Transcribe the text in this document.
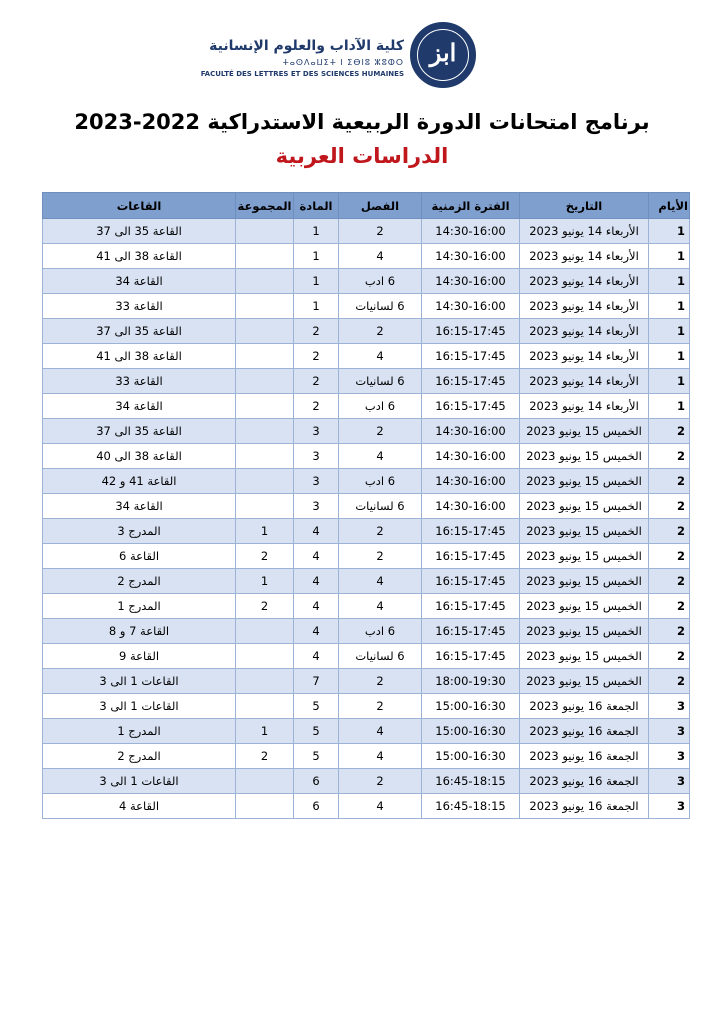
ابز
كلية الآداب والعلوم الإنسانية
ⵜⴰⵙⴷⴰⵡⵉⵜ ⵏ ⵉⴱⵏⵓ ⵣⵓⵀⵔ
FACULTÉ DES LETTRES ET DES SCIENCES HUMAINES
برنامج امتحانات الدورة الربيعية الاستدراكية 2022-2023
الدراسات العربية
الأيام	التاريخ	الفترة الزمنية	الفصل	المادة	المجموعة	القاعات
1	الأربعاء 14 يونيو 2023	14:30-16:00	2	1		القاعة 35 الى 37
1	الأربعاء 14 يونيو 2023	14:30-16:00	4	1		القاعة 38 الى 41
1	الأربعاء 14 يونيو 2023	14:30-16:00	6 ادب	1		القاعة 34
1	الأربعاء 14 يونيو 2023	14:30-16:00	6 لسانيات	1		القاعة 33
1	الأربعاء 14 يونيو 2023	16:15-17:45	2	2		القاعة 35 الى 37
1	الأربعاء 14 يونيو 2023	16:15-17:45	4	2		القاعة 38 الى 41
1	الأربعاء 14 يونيو 2023	16:15-17:45	6 لسانيات	2		القاعة 33
1	الأربعاء 14 يونيو 2023	16:15-17:45	6 ادب	2		القاعة 34
2	الخميس 15 يونيو 2023	14:30-16:00	2	3		القاعة 35 الى 37
2	الخميس 15 يونيو 2023	14:30-16:00	4	3		القاعة 38 الى 40
2	الخميس 15 يونيو 2023	14:30-16:00	6 ادب	3		القاعة 41 و 42
2	الخميس 15 يونيو 2023	14:30-16:00	6 لسانيات	3		القاعة 34
2	الخميس 15 يونيو 2023	16:15-17:45	2	4	1	المدرج 3
2	الخميس 15 يونيو 2023	16:15-17:45	2	4	2	القاعة 6
2	الخميس 15 يونيو 2023	16:15-17:45	4	4	1	المدرج 2
2	الخميس 15 يونيو 2023	16:15-17:45	4	4	2	المدرج 1
2	الخميس 15 يونيو 2023	16:15-17:45	6 ادب	4		القاعة 7 و 8
2	الخميس 15 يونيو 2023	16:15-17:45	6 لسانيات	4		القاعة 9
2	الخميس 15 يونيو 2023	18:00-19:30	2	7		القاعات 1 الى 3
3	الجمعة 16 يونيو 2023	15:00-16:30	2	5		القاعات 1 الى 3
3	الجمعة 16 يونيو 2023	15:00-16:30	4	5	1	المدرج 1
3	الجمعة 16 يونيو 2023	15:00-16:30	4	5	2	المدرج 2
3	الجمعة 16 يونيو 2023	16:45-18:15	2	6		القاعات 1 الى 3
3	الجمعة 16 يونيو 2023	16:45-18:15	4	6		القاعة 4
